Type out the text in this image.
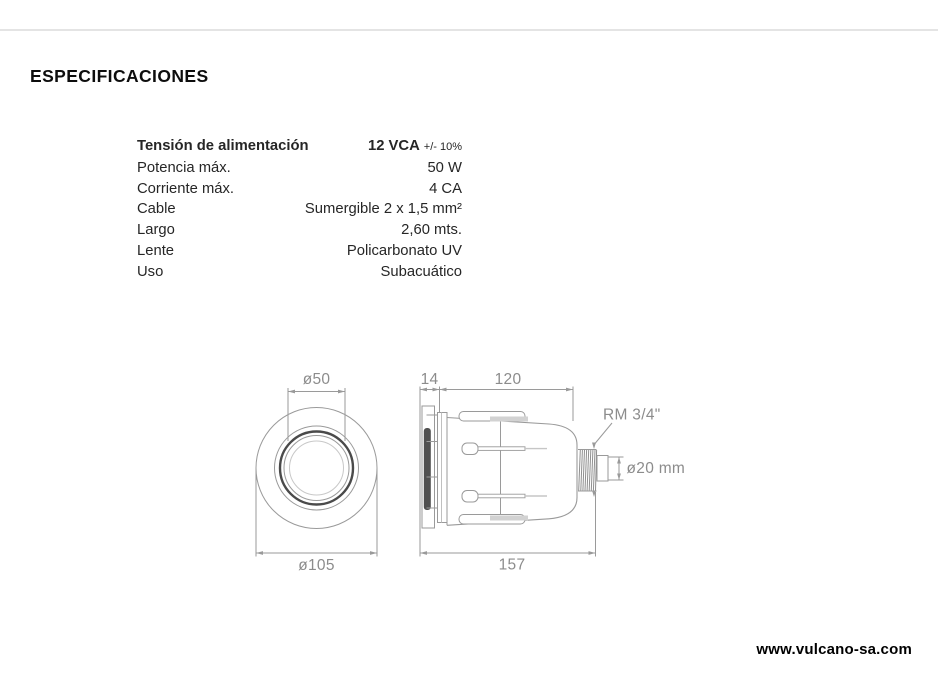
ESPECIFICACIONES
Tensión de alimentación	12 VCA +/- 10%
Potencia máx.	50 W
Corriente máx.	4 CA
Cable	Sumergible 2 x 1,5 mm²
Largo	2,60 mts.
Lente	Policarbonato UV
Uso	Subacuático
ø50
ø105
14	120
157
RM 3/4"
ø20 mm
www.vulcano-sa.com
